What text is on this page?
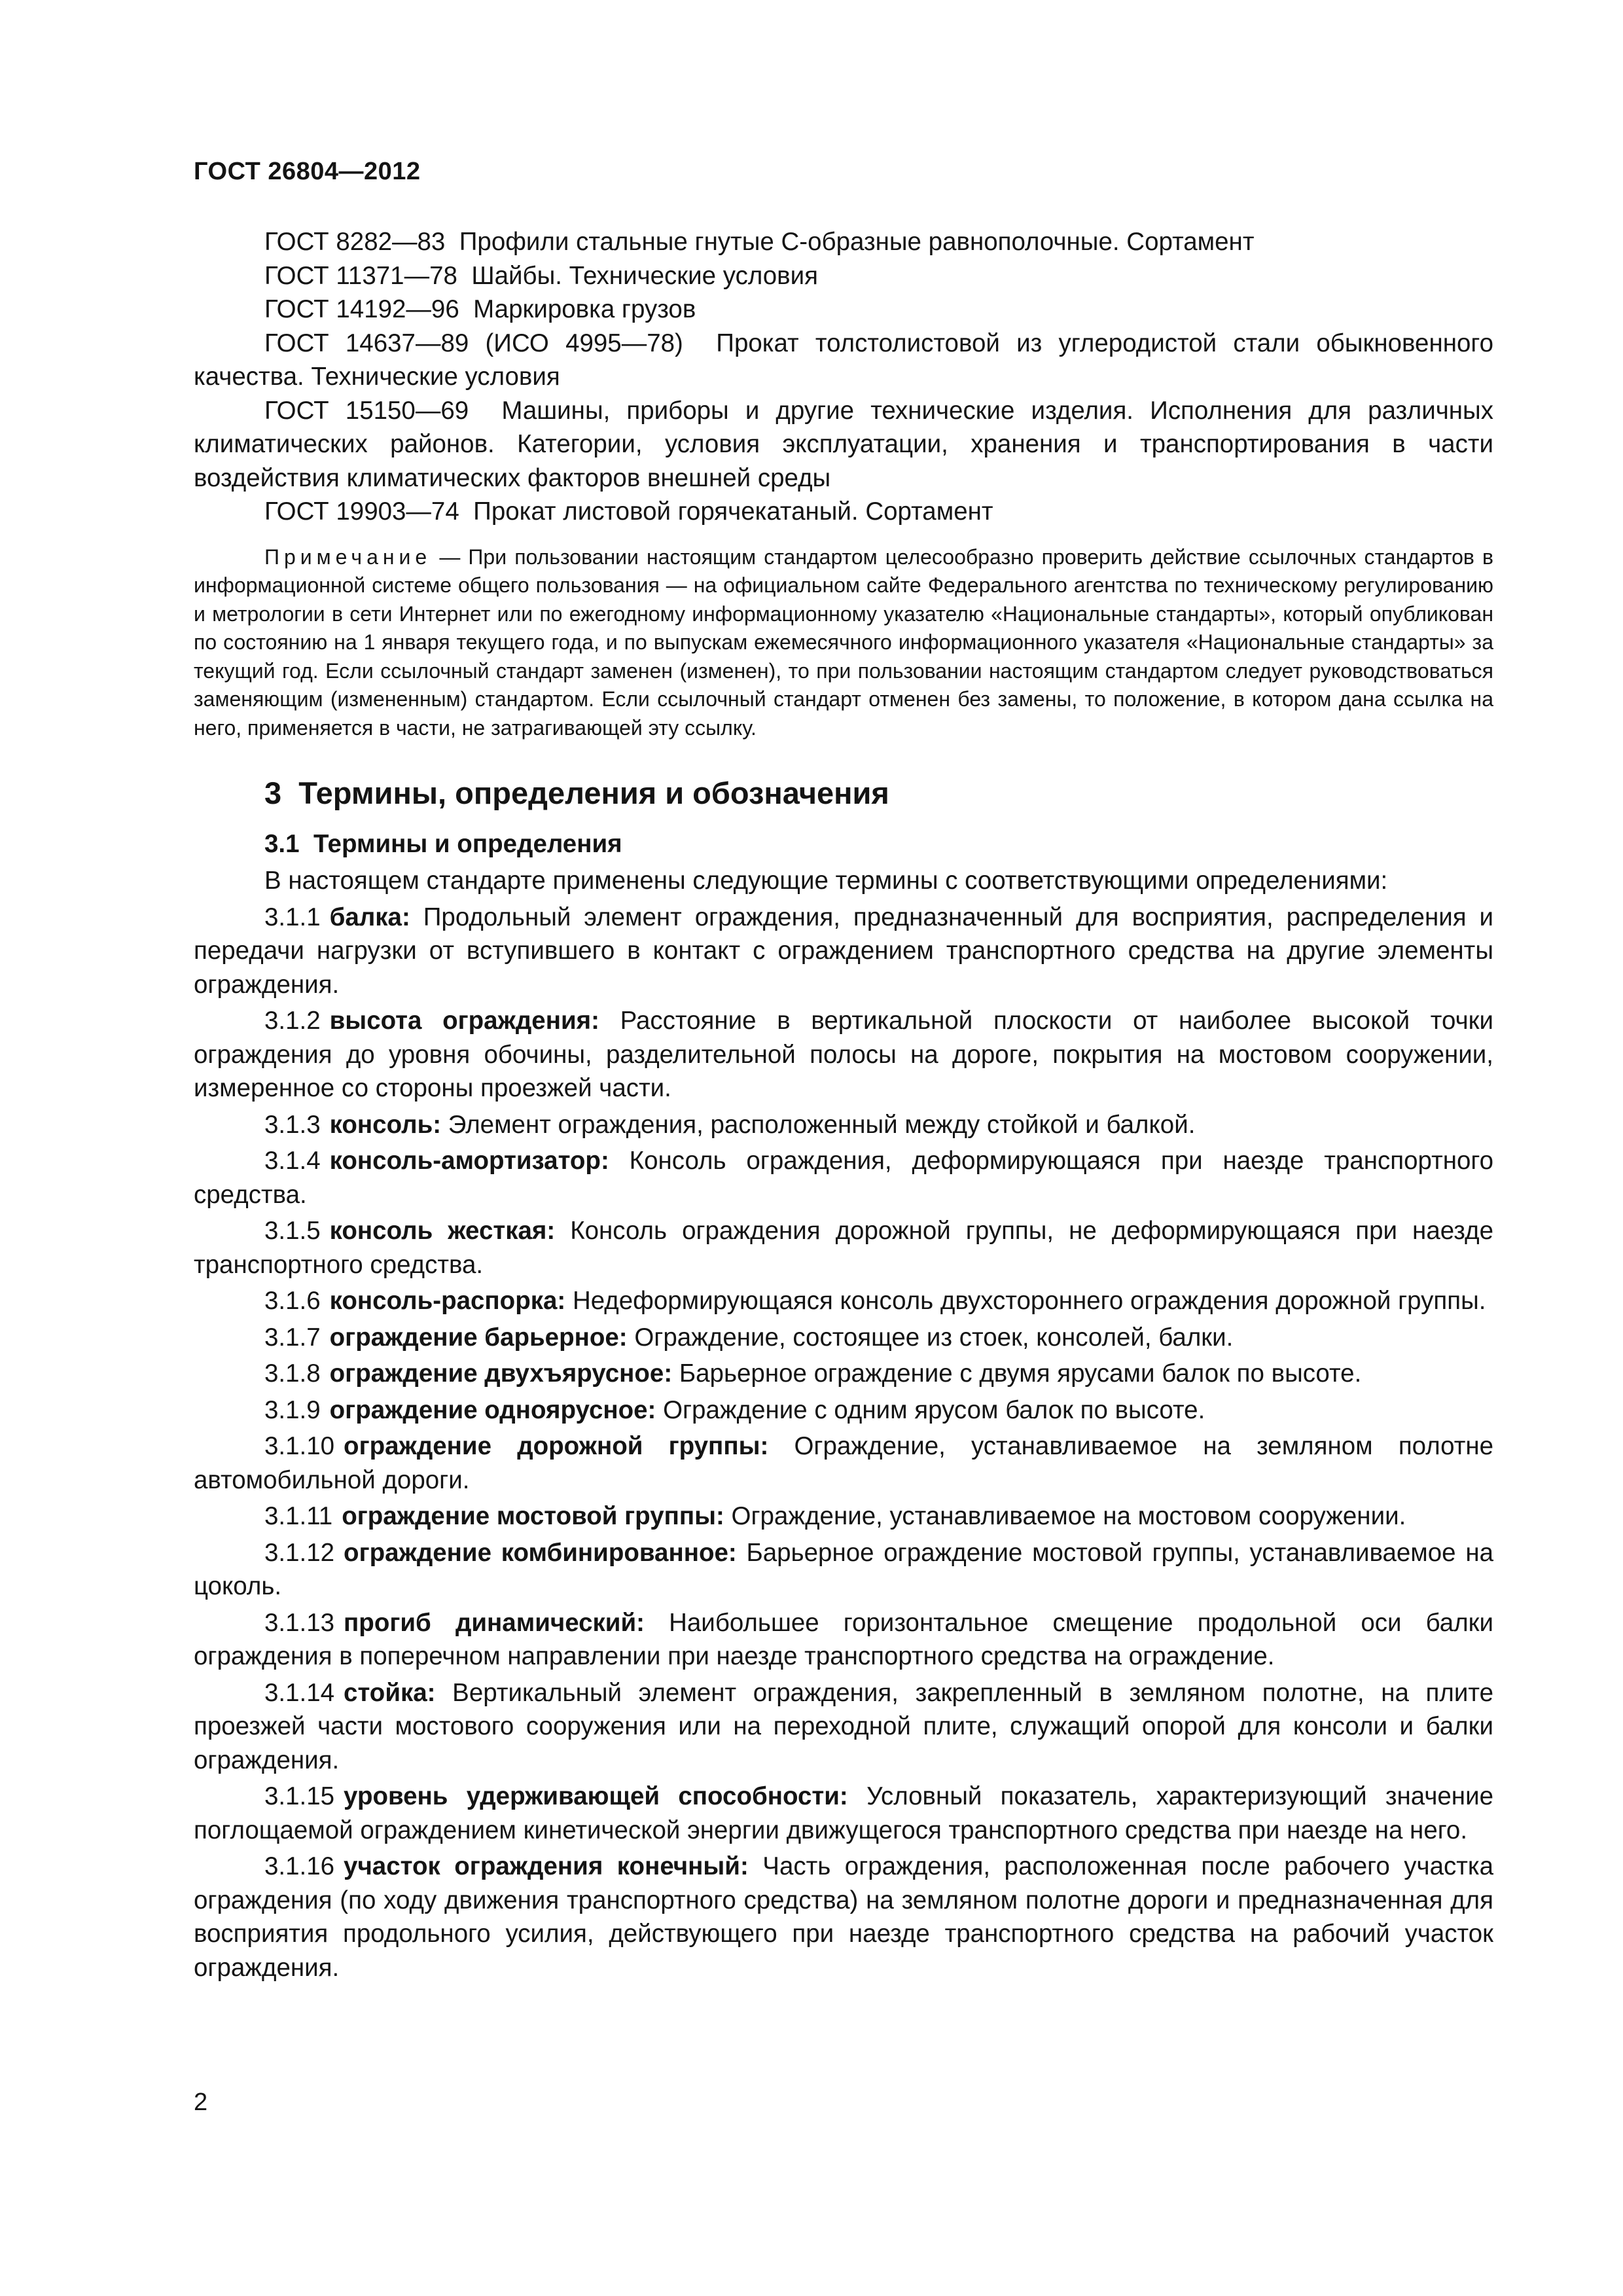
ГОСТ 26804—2012

ГОСТ 8282—83 Профили стальные гнутые С-образные равнополочные. Сортамент

ГОСТ 11371—78 Шайбы. Технические условия

ГОСТ 14192—96 Маркировка грузов

ГОСТ 14637—89 (ИСО 4995—78) Прокат толстолистовой из углеродистой стали обыкновенного качества. Технические условия

ГОСТ 15150—69 Машины, приборы и другие технические изделия. Исполнения для различных климатических районов. Категории, условия эксплуатации, хранения и транспортирования в части воздействия климатических факторов внешней среды

ГОСТ 19903—74 Прокат листовой горячекатаный. Сортамент

Примечание — При пользовании настоящим стандартом целесообразно проверить действие ссылочных стандартов в информационной системе общего пользования — на официальном сайте Федерального агентства по техническому регулированию и метрологии в сети Интернет или по ежегодному информационному указателю «Национальные стандарты», который опубликован по состоянию на 1 января текущего года, и по выпускам ежемесячного информационного указателя «Национальные стандарты» за текущий год. Если ссылочный стандарт заменен (изменен), то при пользовании настоящим стандартом следует руководствоваться заменяющим (измененным) стандартом. Если ссылочный стандарт отменен без замены, то положение, в котором дана ссылка на него, применяется в части, не затрагивающей эту ссылку.

3 Термины, определения и обозначения
3.1 Термины и определения

В настоящем стандарте применены следующие термины с соответствующими определениями:

3.1.1 балка: Продольный элемент ограждения, предназначенный для восприятия, распределения и передачи нагрузки от вступившего в контакт с ограждением транспортного средства на другие элементы ограждения.

3.1.2 высота ограждения: Расстояние в вертикальной плоскости от наиболее высокой точки ограждения до уровня обочины, разделительной полосы на дороге, покрытия на мостовом сооружении, измеренное со стороны проезжей части.

3.1.3 консоль: Элемент ограждения, расположенный между стойкой и балкой.

3.1.4 консоль-амортизатор: Консоль ограждения, деформирующаяся при наезде транспортного средства.

3.1.5 консоль жесткая: Консоль ограждения дорожной группы, не деформирующаяся при наезде транспортного средства.

3.1.6 консоль-распорка: Недеформирующаяся консоль двухстороннего ограждения дорожной группы.

3.1.7 ограждение барьерное: Ограждение, состоящее из стоек, консолей, балки.

3.1.8 ограждение двухъярусное: Барьерное ограждение с двумя ярусами балок по высоте.

3.1.9 ограждение одноярусное: Ограждение с одним ярусом балок по высоте.

3.1.10 ограждение дорожной группы: Ограждение, устанавливаемое на земляном полотне автомобильной дороги.

3.1.11 ограждение мостовой группы: Ограждение, устанавливаемое на мостовом сооружении.

3.1.12 ограждение комбинированное: Барьерное ограждение мостовой группы, устанавливаемое на цоколь.

3.1.13 прогиб динамический: Наибольшее горизонтальное смещение продольной оси балки ограждения в поперечном направлении при наезде транспортного средства на ограждение.

3.1.14 стойка: Вертикальный элемент ограждения, закрепленный в земляном полотне, на плите проезжей части мостового сооружения или на переходной плите, служащий опорой для консоли и балки ограждения.

3.1.15 уровень удерживающей способности: Условный показатель, характеризующий значение поглощаемой ограждением кинетической энергии движущегося транспортного средства при наезде на него.

3.1.16 участок ограждения конечный: Часть ограждения, расположенная после рабочего участка ограждения (по ходу движения транспортного средства) на земляном полотне дороги и предназначенная для восприятия продольного усилия, действующего при наезде транспортного средства на рабочий участок ограждения.

2
